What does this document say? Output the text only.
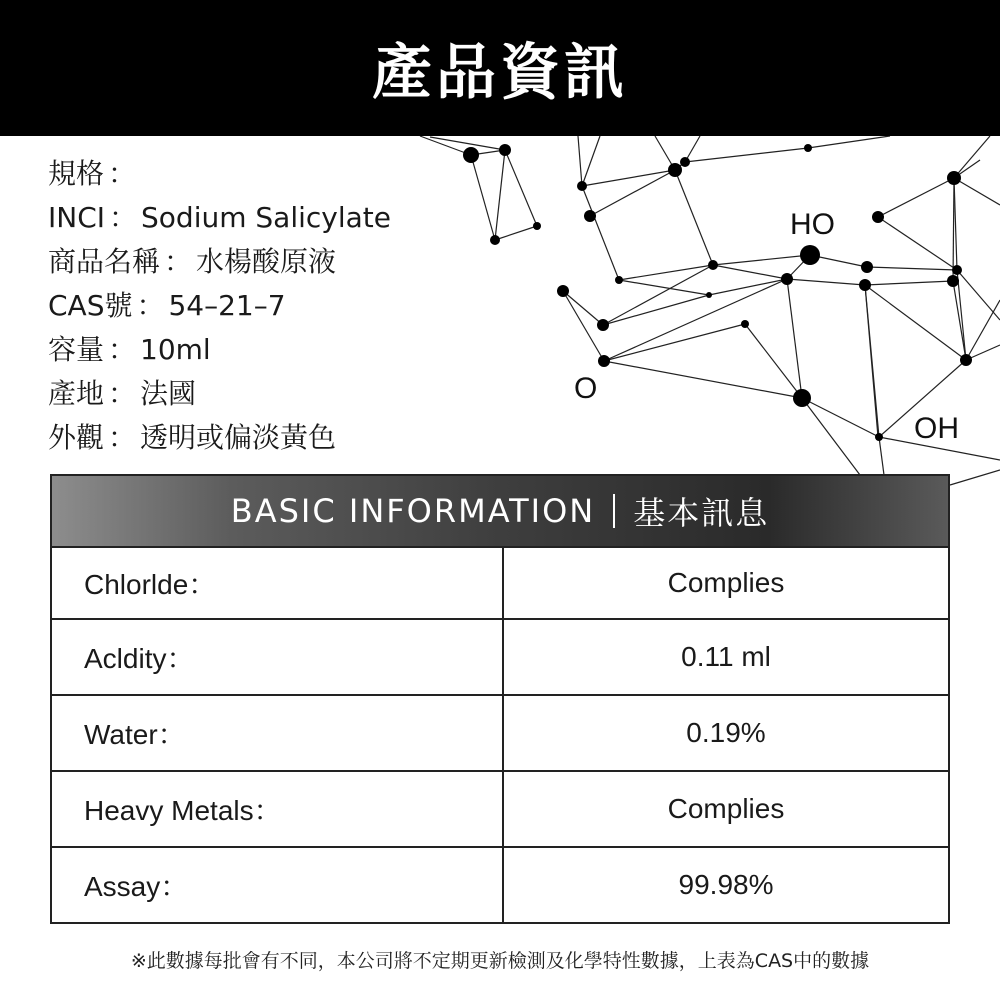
HO
O
OH
產品資訊
規格 ：
INCI ： Sodium Salicylate
商品名稱 ： 水楊酸原液
CAS號 ： 54–21–7
容量 ： 10ml
產地 ： 法國
外觀 ： 透明或偏淡黃色
BASIC INFORMATION 基本訊息
Chlorlde：	Complies
Acldity：	0.11 ml
Water：	0.19%
Heavy Metals：	Complies
Assay：	99.98%
※此數據每批會有不同，本公司將不定期更新檢測及化學特性數據，上表為CAS中的數據
